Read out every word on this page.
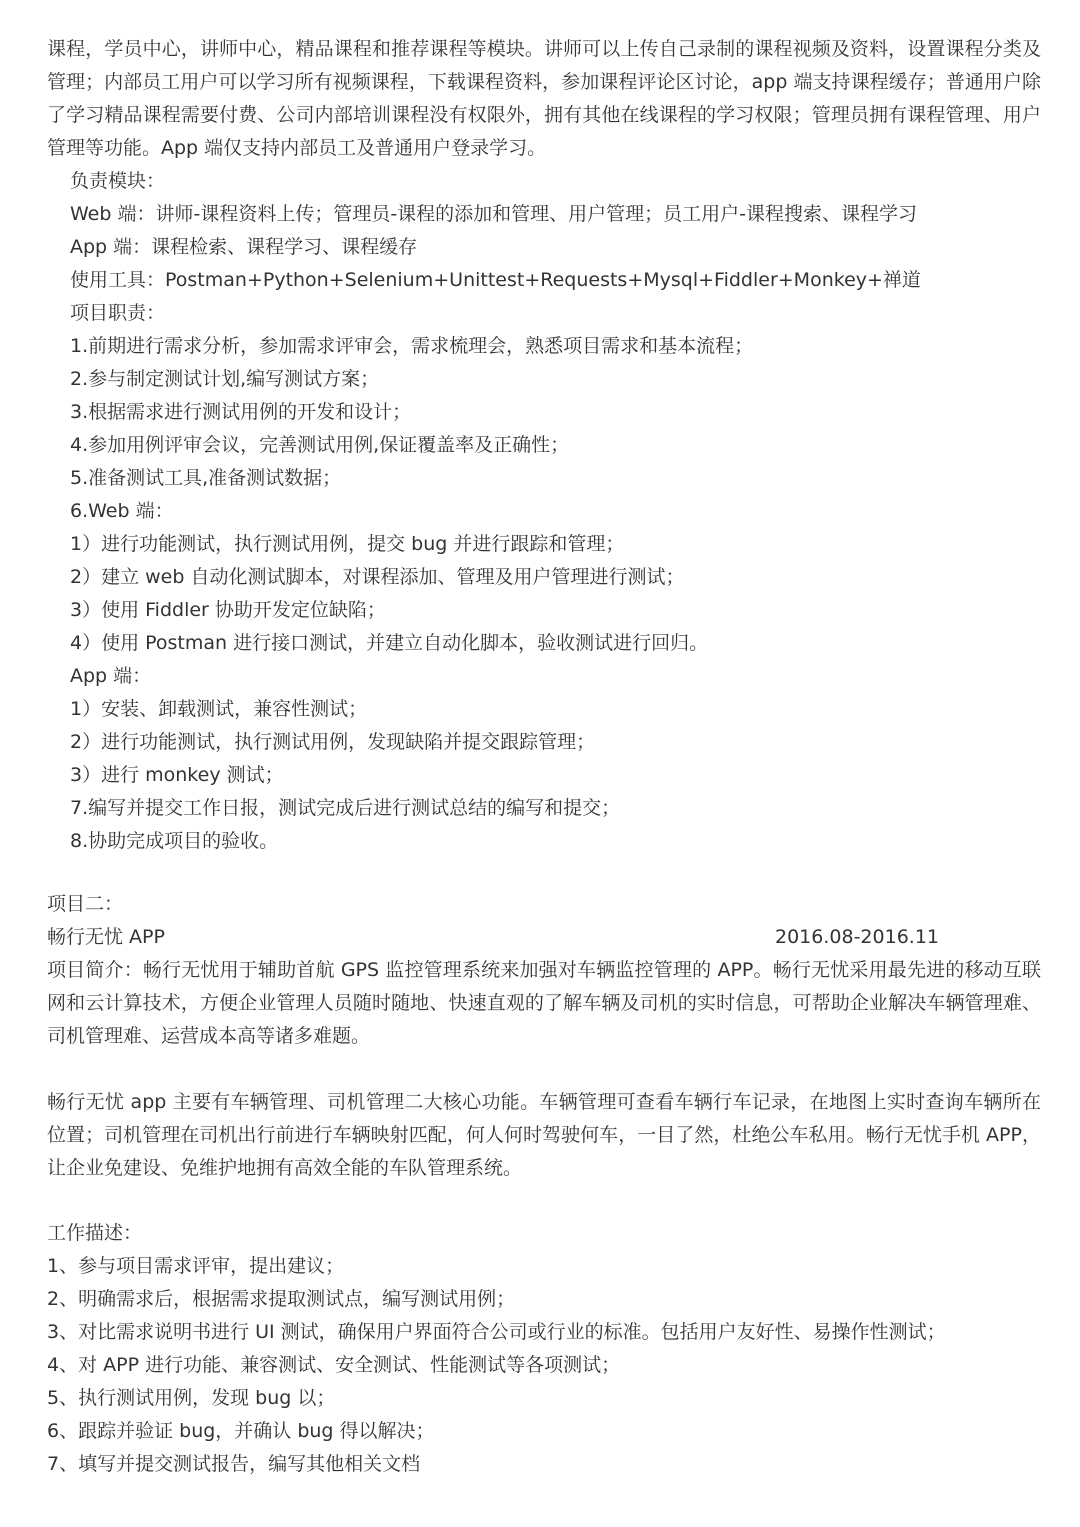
课程，学员中心，讲师中心，精品课程和推荐课程等模块。讲师可以上传自己录制的课程视频及资料，设置课程分类及管理；内部员工用户可以学习所有视频课程，下载课程资料，参加课程评论区讨论，app 端支持课程缓存；普通用户除了学习精品课程需要付费、公司内部培训课程没有权限外，拥有其他在线课程的学习权限；管理员拥有课程管理、用户管理等功能。App 端仅支持内部员工及普通用户登录学习。

负责模块：

Web 端：讲师-课程资料上传；管理员-课程的添加和管理、用户管理；员工用户-课程搜索、课程学习

App 端：课程检索、课程学习、课程缓存

使用工具：Postman+Python+Selenium+Unittest+Requests+Mysql+Fiddler+Monkey+禅道

项目职责：

1.前期进行需求分析，参加需求评审会，需求梳理会，熟悉项目需求和基本流程；

2.参与制定测试计划,编写测试方案；

3.根据需求进行测试用例的开发和设计；

4.参加用例评审会议，完善测试用例,保证覆盖率及正确性；

5.准备测试工具,准备测试数据；

6.Web 端：

1）进行功能测试，执行测试用例，提交 bug 并进行跟踪和管理；

2）建立 web 自动化测试脚本，对课程添加、管理及用户管理进行测试；

3）使用 Fiddler 协助开发定位缺陷；

4）使用 Postman 进行接口测试，并建立自动化脚本，验收测试进行回归。

App 端：

1）安装、卸载测试，兼容性测试；

2）进行功能测试，执行测试用例，发现缺陷并提交跟踪管理；

3）进行 monkey 测试；

7.编写并提交工作日报，测试完成后进行测试总结的编写和提交；

8.协助完成项目的验收。

项目二：

畅行无忧 APP	2016.08-2016.11

项目简介：畅行无忧用于辅助首航 GPS 监控管理系统来加强对车辆监控管理的 APP。畅行无忧采用最先进的移动互联网和云计算技术，方便企业管理人员随时随地、快速直观的了解车辆及司机的实时信息，可帮助企业解决车辆管理难、司机管理难、运营成本高等诸多难题。

畅行无忧 app 主要有车辆管理、司机管理二大核心功能。车辆管理可查看车辆行车记录，在地图上实时查询车辆所在位置；司机管理在司机出行前进行车辆映射匹配，何人何时驾驶何车，一目了然，杜绝公车私用。畅行无忧手机 APP，让企业免建设、免维护地拥有高效全能的车队管理系统。

工作描述：

1、参与项目需求评审，提出建议；

2、明确需求后，根据需求提取测试点，编写测试用例；

3、对比需求说明书进行 UI 测试，确保用户界面符合公司或行业的标准。包括用户友好性、易操作性测试；

4、对 APP 进行功能、兼容测试、安全测试、性能测试等各项测试；

5、执行测试用例，发现 bug 以；

6、跟踪并验证 bug，并确认 bug 得以解决；

7、填写并提交测试报告，编写其他相关文档
